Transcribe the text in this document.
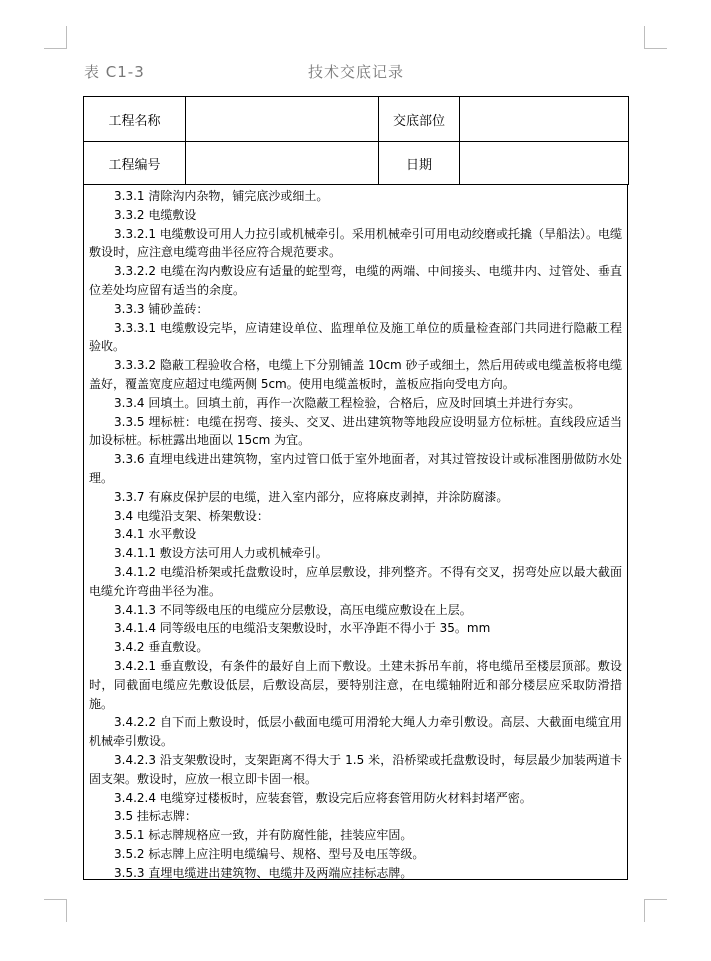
表 C1-3	技术交底记录
工程名称		交底部位	
工程编号		日期	

3.3.1 清除沟内杂物，铺完底沙或细土。

3.3.2 电缆敷设

3.3.2.1 电缆敷设可用人力拉引或机械牵引。采用机械牵引可用电动绞磨或托撬（旱船法）。电缆敷设时，应注意电缆弯曲半径应符合规范要求。

3.3.2.2 电缆在沟内敷设应有适量的蛇型弯，电缆的两端、中间接头、电缆井内、过管处、垂直位差处均应留有适当的余度。

3.3.3 铺砂盖砖：

3.3.3.1 电缆敷设完毕，应请建设单位、监理单位及施工单位的质量检查部门共同进行隐蔽工程验收。

3.3.3.2 隐蔽工程验收合格，电缆上下分别铺盖 10cm 砂子或细土，然后用砖或电缆盖板将电缆盖好，覆盖宽度应超过电缆两侧 5cm。使用电缆盖板时，盖板应指向受电方向。

3.3.4 回填土。回填土前，再作一次隐蔽工程检验，合格后，应及时回填土并进行夯实。

3.3.5 埋标桩：电缆在拐弯、接头、交叉、进出建筑物等地段应设明显方位标桩。直线段应适当加设标桩。标桩露出地面以 15cm 为宜。

3.3.6 直埋电线进出建筑物，室内过管口低于室外地面者，对其过管按设计或标准图册做防水处理。

3.3.7 有麻皮保护层的电缆，进入室内部分，应将麻皮剥掉，并涂防腐漆。

3.4 电缆沿支架、桥架敷设：

3.4.1 水平敷设

3.4.1.1 敷设方法可用人力或机械牵引。

3.4.1.2 电缆沿桥架或托盘敷设时，应单层敷设，排列整齐。不得有交叉，拐弯处应以最大截面电缆允许弯曲半径为准。

3.4.1.3 不同等级电压的电缆应分层敷设，高压电缆应敷设在上层。

3.4.1.4 同等级电压的电缆沿支架敷设时，水平净距不得小于 35。mm

3.4.2 垂直敷设。

3.4.2.1 垂直敷设，有条件的最好自上而下敷设。土建未拆吊车前，将电缆吊至楼层顶部。敷设时，同截面电缆应先敷设低层，后敷设高层，要特别注意，在电缆轴附近和部分楼层应采取防滑措施。

3.4.2.2 自下而上敷设时，低层小截面电缆可用滑轮大绳人力牵引敷设。高层、大截面电缆宜用机械牵引敷设。

3.4.2.3 沿支架敷设时，支架距离不得大于 1.5 米，沿桥梁或托盘敷设时，每层最少加装两道卡固支架。敷设时，应放一根立即卡固一根。

3.4.2.4 电缆穿过楼板时，应装套管，敷设完后应将套管用防火材料封堵严密。

3.5 挂标志牌：

3.5.1 标志牌规格应一致，并有防腐性能，挂装应牢固。

3.5.2 标志牌上应注明电缆编号、规格、型号及电压等级。

3.5.3 直埋电缆进出建筑物、电缆井及两端应挂标志牌。
